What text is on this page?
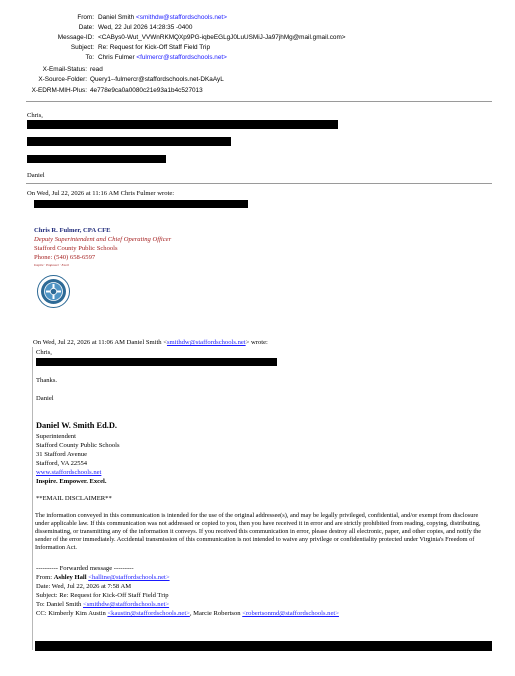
From: Daniel Smith <smithdw@staffordschools.net>
Date: Wed, 22 Jul 2026 14:28:35 -0400
Message-ID: <CABys0-Wut_VVWnRKMQXp9PG-iqbeEGLgJ0LuUSMiJ-Ja97jhMg@mail.gmail.com>
Subject: Re: Request for Kick-Off Staff Field Trip
To: Chris Fulmer <fulmercr@staffordschools.net>
X-Email-Status: read
X-Source-Folder: Query1--fulmercr@staffordschools.net-DKaAyL
X-EDRM-MIH-Plus: 4e778e9ca0a0080c21e93a1b4c527013
Chris,
Daniel
On Wed, Jul 22, 2026 at 11:16 AM Chris Fulmer wrote:
Chris R. Fulmer, CPA CFE
Deputy Superintendent and Chief Operating Officer
Stafford County Public Schools
Phone: (540) 658-6597
Inspire · Empower · Excel
On Wed, Jul 22, 2026 at 11:06 AM Daniel Smith <smithdw@staffordschools.net> wrote:
Chris,
Thanks.
Daniel
Daniel W. Smith Ed.D.
Superintendent
Stafford County Public Schools
31 Stafford Avenue
Stafford, VA 22554
www.staffordschools.net
Inspire. Empower. Excel.
**EMAIL DISCLAIMER**
The information conveyed in this communication is intended for the use of the original addressee(s), and may be legally privileged, confidential, and/or exempt from disclosure under applicable law. If this communication was not addressed or copied to you, then you have received it in error and are strictly prohibited from reading, copying, distributing, disseminating, or transmitting any of the information it conveys. If you received this communication in error, please destroy all electronic, paper, and other copies, and notify the sender of the error immediately. Accidental transmission of this communication is not intended to waive any privilege or confidentiality protected under Virginia's Freedom of Information Act.
---------- Forwarded message ---------
From: Ashley Hall <halline@staffordschools.net>
Date: Wed, Jul 22, 2026 at 7:58 AM
Subject: Re: Request for Kick-Off Staff Field Trip
To: Daniel Smith <smithdw@staffordschools.net>
CC: Kimberly Kim Austin <kaustin@staffordschools.net>, Marcie Robertson <robertsonmd@staffordschools.net>
